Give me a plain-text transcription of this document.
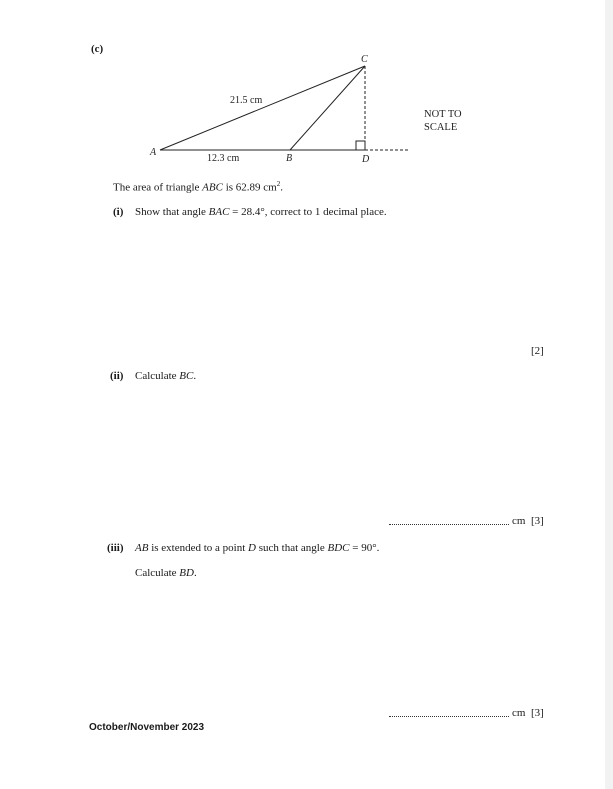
(c)
A
B
C
D
21.5 cm
12.3 cm
NOT TO
SCALE
The area of triangle ABC is 62.89 $cm^2$.
(i) Show that angle BAC = 28.4°, correct to 1 decimal place.
[2]
(ii) Calculate BC.
cm [3]
(iii) AB is extended to a point D such that angle BDC = 90°.
Calculate BD.
cm [3]
October/November 2023
